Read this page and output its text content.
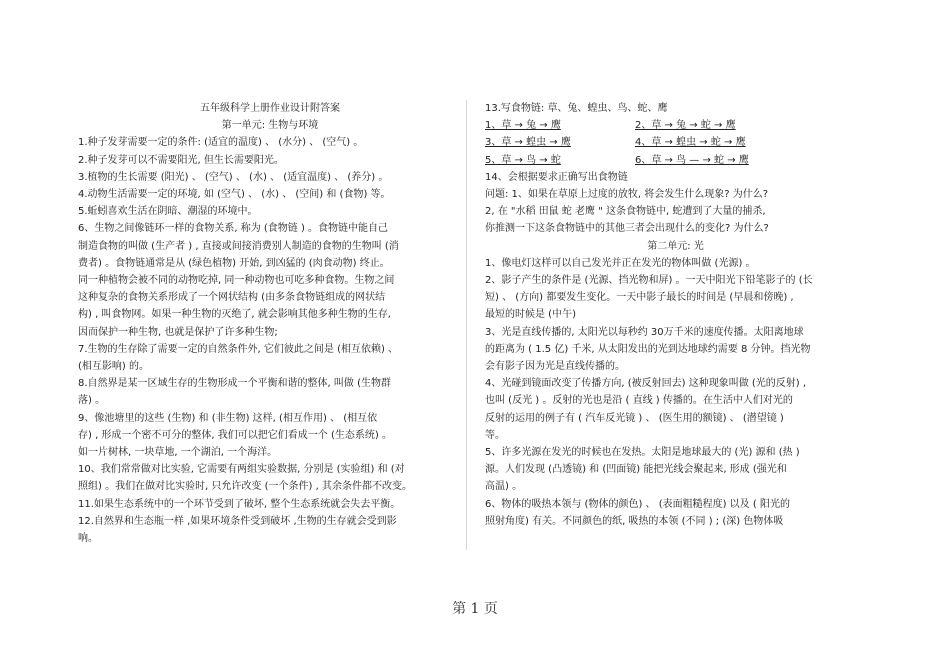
五年级科学上册作业设计附答案

第一单元: 生物与环境

1.种子发芽需要一定的条件: (适宜的温度) 、 (水分) 、 (空气) 。

2.种子发芽可以不需要阳光, 但生长需要阳光。

3.植物的生长需要 (阳光) 、 (空气) 、 (水) 、 (适宜温度) 、 (养分) 。

4.动物生活需要一定的环境, 如 (空气) 、 (水) 、 (空间) 和 (食物) 等。

5.蚯蚓喜欢生活在阴暗、潮湿的环境中。

6、生物之间像链环一样的食物关系, 称为 (食物链 ) 。食物链中能自己

制造食物的叫做 (生产者 ) , 直接或间接消费别人制造的食物的生物叫 (消

费者) 。食物链通常是从 (绿色植物) 开始, 到凶猛的 (肉食动物) 终止。

同一种植物会被不同的动物吃掉, 同一种动物也可吃多种食物。生物之间

这种复杂的食物关系形成了一个网状结构 (由多条食物链组成的网状结

构) , 叫食物网。如果一种生物的灭绝了, 就会影响其他多种生物的生存,

因而保护一种生物, 也就是保护了许多种生物;

7.生物的生存除了需要一定的自然条件外, 它们彼此之间是 (相互依赖) 、

(相互影响) 的。

8.自然界是某一区域生存的生物形成一个平衡和谐的整体, 叫做 (生物群

落) 。

9、像池塘里的这些 (生物) 和 (非生物) 这样, (相互作用) 、 (相互依

存) , 形成一个密不可分的整体, 我们可以把它们看成一个 (生态系统) 。

如一片树林, 一块草地, 一个湖泊, 一个海洋。

10、我们常常做对比实验, 它需要有两组实验数据, 分别是 (实验组) 和 (对

照组) 。我们在做对比实验时, 只允许改变 (一个条件) , 其余条件都不改变。

11.如果生态系统中的一个环节受到了破坏, 整个生态系统就会失去平衡。

12.自然界和生态瓶一样 ,如果环境条件受到破坏 ,生物的生存就会受到影

响。

13.写食物链: 草、兔、蝗虫、鸟、蛇、鹰

1、草 → 兔 → 鹰	2、草 → 兔 → 蛇 → 鹰
3、草 → 蝗虫 → 鹰	4、草 → 蝗虫 → 蛇 → 鹰
5、草 → 鸟 → 蛇	6、草 → 鸟 — → 蛇 → 鹰

14、会根据要求正确写出食物链

问题: 1、如果在草原上过度的放牧, 将会发生什么现象? 为什么?

2, 在 "水稻 田鼠 蛇 老鹰 " 这条食物链中, 蛇遭到了大量的捕杀,

你推测一下这条食物链中的其他三者会出现什么的变化? 为什么?

第二单元: 光

1、像电灯这样可以自己发光并正在发光的物体叫做 (光源) 。

2、影子产生的条件是 (光源、挡光物和屏) 。一天中阳光下铅笔影子的 (长

短) 、 (方向) 都要发生变化。一天中影子最长的时间是 (早晨和傍晚) ,

最短的时候是 (中午)

3、光是直线传播的, 太阳光以每秒约 30万千米的速度传播。太阳离地球

的距离为 ( 1.5 亿) 千米, 从太阳发出的光到达地球约需要 8 分钟。挡光物

会有影子因为光是直线传播的。

4、光碰到镜面改变了传播方向, (被反射回去) 这种现象叫做 (光的反射) ,

也叫 (反光 ) 。反射的光也是沿 ( 直线 ) 传播的。在生活中人们对光的

反射的运用的例子有 ( 汽车反光镜 ) 、 (医生用的额镜) 、 (潜望镜 )

等。

5、许多光源在发光的时候也在发热。太阳是地球最大的 (光) 源和 (热 )

源。人们发现 (凸透镜) 和 (凹面镜) 能把光线会聚起来, 形成 (强光和

高温) 。

6、物体的吸热本领与 (物体的颜色) 、 (表面粗糙程度) 以及 ( 阳光的

照射角度) 有关。不同颜色的纸, 吸热的本领 (不同 ) ; (深) 色物体吸

第 1 页
